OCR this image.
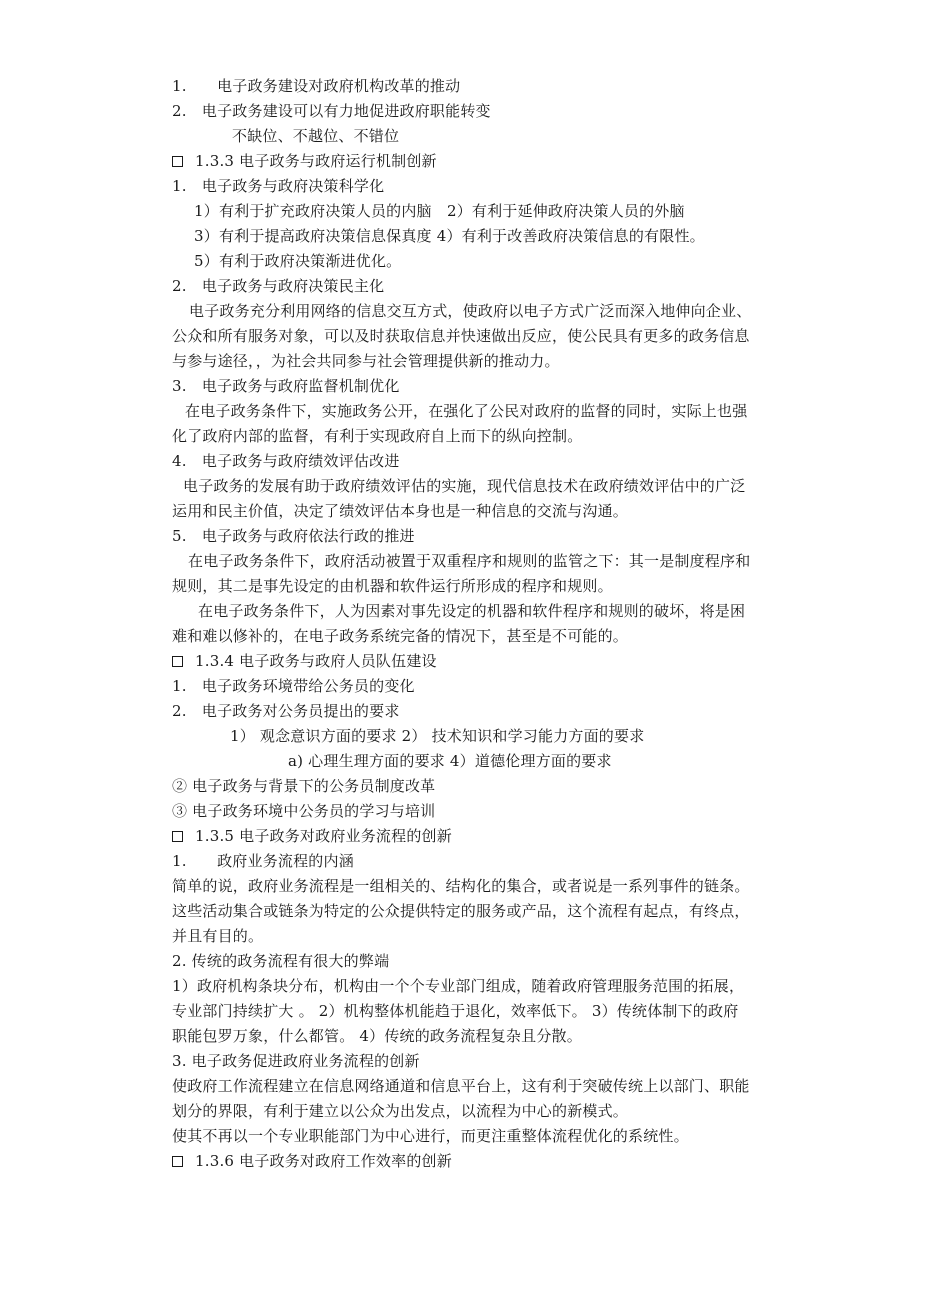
1.　　电子政务建设对政府机构改革的推动
2.　电子政务建设可以有力地促进政府职能转变
不缺位、不越位、不错位
1.3.3 电子政务与政府运行机制创新
1.　电子政务与政府决策科学化
1）有利于扩充政府决策人员的内脑　2）有利于延伸政府决策人员的外脑
3）有利于提高政府决策信息保真度 4）有利于改善政府决策信息的有限性。
5）有利于政府决策渐进优化。
2.　电子政务与政府决策民主化
电子政务充分利用网络的信息交互方式，使政府以电子方式广泛而深入地伸向企业、
公众和所有服务对象，可以及时获取信息并快速做出反应，使公民具有更多的政务信息
与参与途径，，为社会共同参与社会管理提供新的推动力。
3.　电子政务与政府监督机制优化
在电子政务条件下，实施政务公开，在强化了公民对政府的监督的同时，实际上也强
化了政府内部的监督，有利于实现政府自上而下的纵向控制。
4.　电子政务与政府绩效评估改进
电子政务的发展有助于政府绩效评估的实施，现代信息技术在政府绩效评估中的广泛
运用和民主价值，决定了绩效评估本身也是一种信息的交流与沟通。
5.　电子政务与政府依法行政的推进
在电子政务条件下，政府活动被置于双重程序和规则的监管之下：其一是制度程序和
规则，其二是事先设定的由机器和软件运行所形成的程序和规则。
在电子政务条件下，人为因素对事先设定的机器和软件程序和规则的破坏，将是困
难和难以修补的，在电子政务系统完备的情况下，甚至是不可能的。
1.3.4 电子政务与政府人员队伍建设
1.　电子政务环境带给公务员的变化
2.　电子政务对公务员提出的要求
1） 观念意识方面的要求 2） 技术知识和学习能力方面的要求
a) 心理生理方面的要求 4）道德伦理方面的要求
② 电子政务与背景下的公务员制度改革
③ 电子政务环境中公务员的学习与培训
1.3.5 电子政务对政府业务流程的创新
1.　　政府业务流程的内涵
简单的说，政府业务流程是一组相关的、结构化的集合，或者说是一系列事件的链条。
这些活动集合或链条为特定的公众提供特定的服务或产品，这个流程有起点，有终点，
并且有目的。
2. 传统的政务流程有很大的弊端
1）政府机构条块分布，机构由一个个专业部门组成，随着政府管理服务范围的拓展，
专业部门持续扩大 。 2）机构整体机能趋于退化，效率低下。 3）传统体制下的政府
职能包罗万象，什么都管。 4）传统的政务流程复杂且分散。
3. 电子政务促进政府业务流程的创新
使政府工作流程建立在信息网络通道和信息平台上，这有利于突破传统上以部门、职能
划分的界限，有利于建立以公众为出发点，以流程为中心的新模式。
使其不再以一个专业职能部门为中心进行，而更注重整体流程优化的系统性。
1.3.6 电子政务对政府工作效率的创新
